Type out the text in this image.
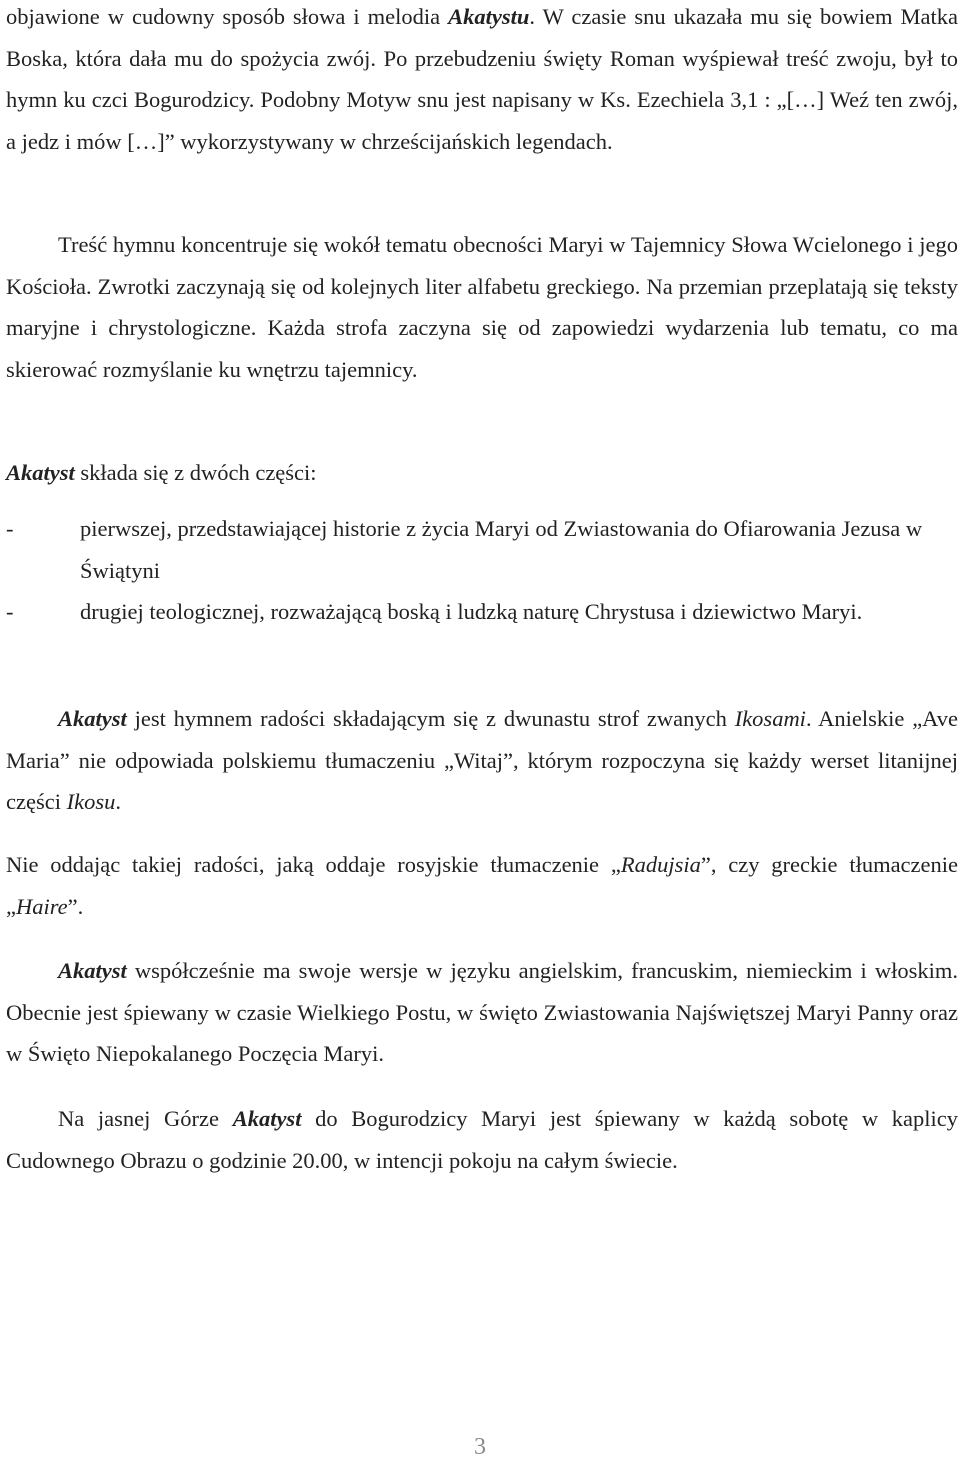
objawione w cudowny sposób słowa i melodia Akatystu. W czasie snu ukazała mu się bowiem Matka Boska, która dała mu do spożycia zwój. Po przebudzeniu święty Roman wyśpiewał treść zwoju, był to hymn ku czci Bogurodzicy. Podobny Motyw snu jest napisany w Ks. Ezechiela 3,1 : „[…] Weź ten zwój, a jedz i mów […]” wykorzystywany w chrześcijańskich legendach.

Treść hymnu koncentruje się wokół tematu obecności Maryi w Tajemnicy Słowa Wcielonego i jego Kościoła. Zwrotki zaczynają się od kolejnych liter alfabetu greckiego. Na przemian przeplatają się teksty maryjne i chrystologiczne. Każda strofa zaczyna się od zapowiedzi wydarzenia lub tematu, co ma skierować rozmyślanie ku wnętrzu tajemnicy.

Akatyst składa się z dwóch części:

-	pierwszej, przedstawiającej historie z życia Maryi od Zwiastowania do Ofiarowania Jezusa w Świątyni

-	drugiej teologicznej, rozważającą boską i ludzką naturę Chrystusa i dziewictwo Maryi.

Akatyst jest hymnem radości składającym się z dwunastu strof zwanych Ikosami. Anielskie „Ave Maria” nie odpowiada polskiemu tłumaczeniu „Witaj”, którym rozpoczyna się każdy werset litanijnej części Ikosu.

Nie oddając takiej radości, jaką oddaje rosyjskie tłumaczenie „Radujsia”, czy greckie tłumaczenie „Haire”.

Akatyst współcześnie ma swoje wersje w języku angielskim, francuskim, niemieckim i włoskim. Obecnie jest śpiewany w czasie Wielkiego Postu, w święto Zwiastowania Najświętszej Maryi Panny oraz w Święto Niepokalanego Poczęcia Maryi.

Na jasnej Górze Akatyst do Bogurodzicy Maryi jest śpiewany w każdą sobotę w kaplicy Cudownego Obrazu o godzinie 20.00, w intencji pokoju na całym świecie.

3
